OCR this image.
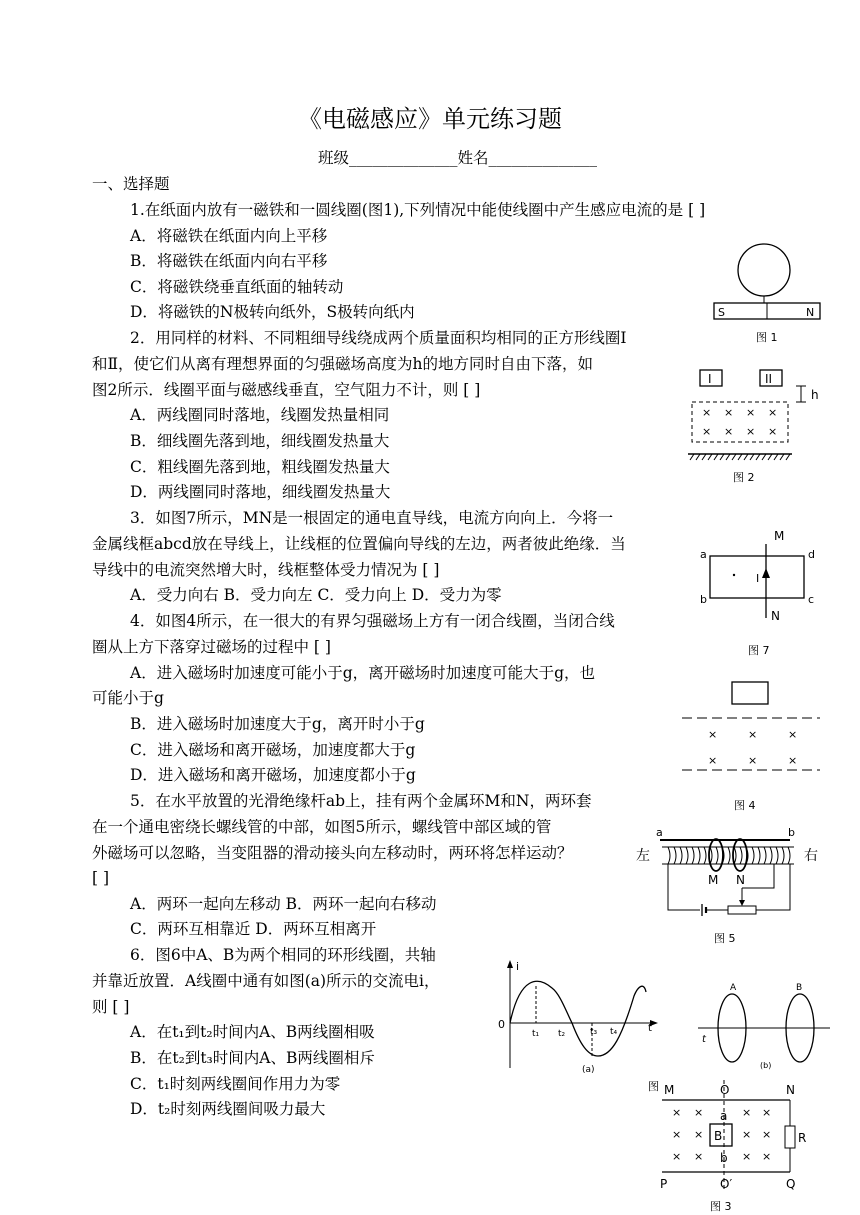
《电磁感应》单元练习题
班级______________姓名______________
一、选择题
1.在纸面内放有一磁铁和一圆线圈(图1),下列情况中能使线圈中产生感应电流的是 [ ]
A．将磁铁在纸面内向上平移
B．将磁铁在纸面内向右平移
C．将磁铁绕垂直纸面的轴转动
D．将磁铁的N极转向纸外，S极转向纸内
2．用同样的材料、不同粗细导线绕成两个质量面积均相同的正方形线圈Ⅰ
和Ⅱ，使它们从离有理想界面的匀强磁场高度为h的地方同时自由下落，如
图2所示．线圈平面与磁感线垂直，空气阻力不计，则 [ ]
A．两线圈同时落地，线圈发热量相同
B．细线圈先落到地，细线圈发热量大
C．粗线圈先落到地，粗线圈发热量大
D．两线圈同时落地，细线圈发热量大
3．如图7所示，MN是一根固定的通电直导线，电流方向向上．今将一
金属线框abcd放在导线上，让线框的位置偏向导线的左边，两者彼此绝缘．当
导线中的电流突然增大时，线框整体受力情况为 [ ]
A．受力向右 B．受力向左 C．受力向上 D．受力为零
4．如图4所示，在一很大的有界匀强磁场上方有一闭合线圈，当闭合线
圈从上方下落穿过磁场的过程中 [ ]
A．进入磁场时加速度可能小于g，离开磁场时加速度可能大于g，也
可能小于g
B．进入磁场时加速度大于g，离开时小于g
C．进入磁场和离开磁场，加速度都大于g
D．进入磁场和离开磁场，加速度都小于g
5．在水平放置的光滑绝缘杆ab上，挂有两个金属环M和N，两环套
在一个通电密绕长螺线管的中部，如图5所示，螺线管中部区域的管
外磁场可以忽略，当变阻器的滑动接头向左移动时，两环将怎样运动？
[ ]
A．两环一起向左移动 B．两环一起向右移动
C．两环互相靠近 D．两环互相离开
6．图6中A、B为两个相同的环形线圈，共轴
并靠近放置．A线圈中通有如图(a)所示的交流电i，
则 [ ]
A．在t₁到t₂时间内A、B两线圈相吸
B．在t₂到t₃时间内A、B两线圈相斥
C．t₁时刻两线圈间作用力为零
D．t₂时刻两线圈间吸力最大
S	N
图 1
I	II
h
× × × ×
× × × ×
图 2
M
a	d
I
b	c
N
图 7
×	×	×
×	×	×
图 4
a	b
左	右
M N
图 5
i
t
0
t₁ t₂	t₃ t₄
(a)
A	B
t
(b)
图 M	O	N
R
B
a
b
× ×	× ×
× ×	× ×
× ×	× ×
P	O′	Q
图 3
